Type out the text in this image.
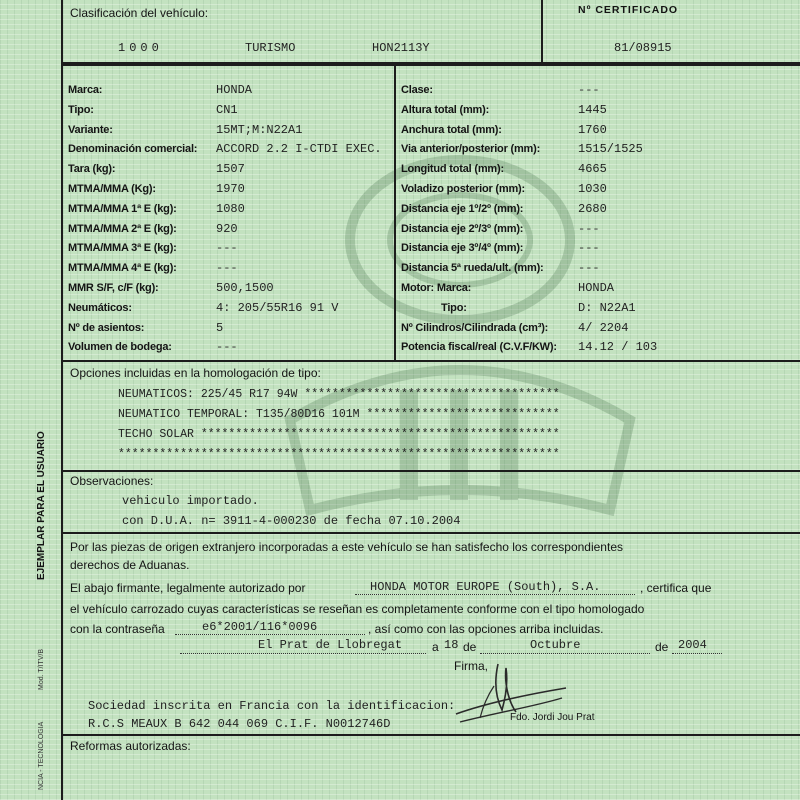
EJEMPLAR PARA EL USUARIO
Mod. T/ITV/B
NCIA - TECNOLOGIA
Clasificación del vehículo:	Nº CERTIFICADO
1000	TURISMO	HON2113Y	81/08915
Opciones incluidas en la homologación de tipo:
NEUMATICOS: 225/45 R17 94W *************************************
NEUMATICO TEMPORAL: T135/80D16 101M ****************************
TECHO SOLAR ****************************************************
****************************************************************
Observaciones:
vehiculo importado.
con D.U.A. n= 3911-4-000230 de fecha 07.10.2004
Por las piezas de origen extranjero incorporadas a este vehículo se han satisfecho los correspondientes
derechos de Aduanas.
El abajo firmante, legalmente autorizado por	HONDA MOTOR EUROPE (South), S.A.	, certifica que
el vehículo carrozado cuyas características se reseñan es completamente conforme con el tipo homologado
con la contraseña	e6*2001/116*0096	, así como con las opciones arriba incluidas.
El Prat de Llobregat a 18 de	Octubre	de 2004
Firma,
Sociedad inscrita en Francia con la identificacion:
R.C.S MEAUX B 642 044 069 C.I.F. N0012746D	Fdo. Jordi Jou Prat
Reformas autorizadas:
Marca:	HONDA
Tipo:	CN1
Variante:	15MT;M:N22A1
Denominación comercial: ACCORD 2.2 I-CTDI EXEC.
Tara (kg):	1507
MTMA/MMA (Kg):	1970
MTMA/MMA 1ª E (kg):	1080
MTMA/MMA 2ª E (kg):	920
MTMA/MMA 3ª E (kg):	---
MTMA/MMA 4ª E (kg):	---
MMR S/F, c/F (kg):	500,1500
Neumáticos:	4: 205/55R16 91 V
Nº de asientos:	5
Volumen de bodega:	---
Clase:	---
Altura total (mm):	1445
Anchura total (mm):	1760
Via anterior/posterior (mm):	1515/1525
Longitud total (mm):	4665
Voladizo posterior (mm):	1030
Distancia eje 1º/2º (mm):	2680
Distancia eje 2º/3º (mm):	---
Distancia eje 3º/4º (mm):	---
Distancia 5ª rueda/ult. (mm):	---
Motor: Marca:	HONDA
Tipo:	D: N22A1
Nº Cilindros/Cilindrada (cm³): 4/ 2204
Potencia fiscal/real (C.V.F/KW): 14.12 / 103
